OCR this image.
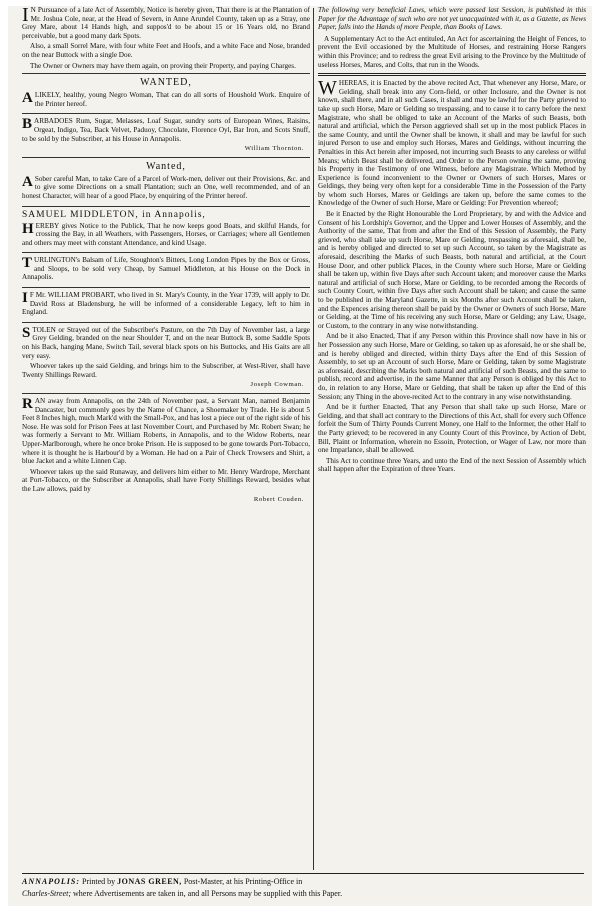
I N Pursuance of a late Act of Assembly, Notice is hereby given, That there is at the Plantation of Mr. Joshua Cole, near, at the Head of Severn, in Anne Arundel County, taken up as a Stray, one Grey Mare, about 14 Hands high, and suppos'd to be about 15 or 16 Years old, no Brand perceivable, but a good many dark Spots.

Also, a small Sorrel Mare, with four white Feet and Hoofs, and a white Face and Nose, branded on the near Buttock with a single Doe.

The Owner or Owners may have them again, on proving their Property, and paying Charges.

WANTED,
A LIKELY, healthy, young Negro Woman, That can do all sorts of Houshold Work. Enquire of the Printer hereof.

B ARBADOES Rum, Sugar, Melasses, Loaf Sugar, sundry sorts of European Wines, Raisins, Orgeat, Indigo, Tea, Back Velvet, Paduoy, Chocolate, Florence Oyl, Bar Iron, and Scots Snuff, to be sold by the Subscriber, at his House in Annapolis.

William Thornton.
Wanted,
A Sober careful Man, to take Care of a Parcel of Work-men, deliver out their Provisions, &c. and to give some Directions on a small Plantation; such an One, well recommended, and of an honest Character, will hear of a good Place, by enquiring of the Printer hereof.

SAMUEL MIDDLETON, in Annapolis,
H EREBY gives Notice to the Publick, That he now keeps good Boats, and skilful Hands, for crossing the Bay, in all Weathers, with Passengers, Horses, or Carriages; where all Gentlemen and others may meet with constant Attendance, and kind Usage.

T URLINGTON's Balsam of Life, Stoughton's Bitters, Long London Pipes by the Box or Gross, and Sloops, to be sold very Cheap, by Samuel Middleton, at his House on the Dock in Annapolis.

I F Mr. WILLIAM PROBART, who lived in St. Mary's County, in the Year 1739, will apply to Dr. David Ross at Bladensburg, he will be informed of a considerable Legacy, left to him in England.

S TOLEN or Strayed out of the Subscriber's Pasture, on the 7th Day of November last, a large Grey Gelding, branded on the near Shoulder T, and on the near Buttock B, some Saddle Spots on his Back, hanging Mane, Switch Tail, several black spots on his Buttocks, and His Gaits are all very easy.

Whoever takes up the said Gelding, and brings him to the Subscriber, at West-River, shall have Twenty Shillings Reward.

Joseph Cowman.
R AN away from Annapolis, on the 24th of November past, a Servant Man, named Benjamin Dancaster, but commonly goes by the Name of Chance, a Shoemaker by Trade. He is about 5 Feet 8 Inches high, much Mark'd with the Small-Pox, and has lost a piece out of the right side of his Nose. He was sold for Prison Fees at last November Court, and Purchased by Mr. Robert Swan; he was formerly a Servant to Mr. William Roberts, in Annapolis, and to the Widow Roberts, near Upper-Marlborough, where he once broke Prison. He is supposed to be gone towards Port-Tobacco, where it is thought he is Harbour'd by a Woman. He had on a Pair of Check Trowsers and Shirt, a blue Jacket and a white Linnen Cap.

Whoever takes up the said Runaway, and delivers him either to Mr. Henry Wardrope, Merchant at Port-Tobacco, or the Subscriber at Annapolis, shall have Forty Shillings Reward, besides what the Law allows, paid by

Robert Couden.

The following very beneficial Laws, which were passed last Session, is published in this Paper for the Advantage of such who are not yet unacquainted with it, as a Gazette, as News Paper, falls into the Hands of more People, than Books of Laws.

A Supplementary Act to the Act entituled, An Act for ascertaining the Height of Fences, to prevent the Evil occasioned by the Multitude of Horses, and restraining Horse Rangers within this Province; and to redress the great Evil arising to the Province by the Multitude of useless Horses, Mares, and Colts, that run in the Woods.

W HEREAS, it is Enacted by the above recited Act, That whenever any Horse, Mare, or Gelding, shall break into any Corn-field, or other Inclosure, and the Owner is not known, shall there, and in all such Cases, it shall and may be lawful for the Party grieved to take up such Horse, Mare or Gelding so trespassing, and to cause it to carry before the next Magistrate, who shall be obliged to take an Account of the Marks of such Beasts, both natural and artificial, which the Person aggrieved shall set up in the most publick Places in the same County, and until the Owner shall be known, it shall and may be lawful for such injured Person to use and employ such Horses, Mares and Geldings, without incurring the Penalties in this Act herein after imposed, not incurring such Beasts to any careless or wilful Means; which Beast shall be delivered, and Order to the Person owning the same, proving his Property in the Testimony of one Witness, before any Magistrate. Which Method by Experience is found inconvenient to the Owner or Owners of such Horses, Mares or Geldings, they being very often kept for a considerable Time in the Possession of the Party by whom such Horses, Mares or Geldings are taken up, before the same comes to the Knowledge of the Owner of such Horse, Mare or Gelding: For Prevention whereof;

Be it Enacted by the Right Honourable the Lord Proprietary, by and with the Advice and Consent of his Lordship's Governor, and the Upper and Lower Houses of Assembly, and the Authority of the same, That from and after the End of this Session of Assembly, the Party grieved, who shall take up such Horse, Mare or Gelding, trespassing as aforesaid, shall be, and is hereby obliged and directed to set up such Account, so taken by the Magistrate as aforesaid, describing the Marks of such Beasts, both natural and artificial, at the Court House Door, and other publick Places, in the County where such Horse, Mare or Gelding shall be taken up, within five Days after such Account taken; and moreover cause the Marks natural and artificial of such Horse, Mare or Gelding, to be recorded among the Records of such County Court, within five Days after such Account shall be taken; and cause the same to be published in the Maryland Gazette, in six Months after such Account shall be taken, and the Expences arising thereon shall be paid by the Owner or Owners of such Horse, Mare or Gelding, at the Time of his receiving any such Horse, Mare or Gelding; any Law, Usage, or Custom, to the contrary in any wise notwithstanding.

And be it also Enacted, That if any Person within this Province shall now have in his or her Possession any such Horse, Mare or Gelding, so taken up as aforesaid, he or she shall be, and is hereby obliged and directed, within thirty Days after the End of this Session of Assembly, to set up an Account of such Horse, Mare or Gelding, taken by some Magistrate as aforesaid, describing the Marks both natural and artificial of such Beasts, and the same to publish, record and advertise, in the same Manner that any Person is obliged by this Act to do, in relation to any Horse, Mare or Gelding, that shall be taken up after the End of this Session; any Thing in the above-recited Act to the contrary in any wise notwithstanding.

And be it further Enacted, That any Person that shall take up such Horse, Mare or Gelding, and that shall act contrary to the Directions of this Act, shall for every such Offence forfeit the Sum of Thirty Pounds Current Money, one Half to the Informer, the other Half to the Party grieved; to be recovered in any County Court of this Province, by Action of Debt, Bill, Plaint or Information, wherein no Essoin, Protection, or Wager of Law, nor more than one Imparlance, shall be allowed.

This Act to continue three Years, and unto the End of the next Session of Assembly which shall happen after the Expiration of three Years.

ANNAPOLIS: Printed by JONAS GREEN, Post-Master, at his Printing-Office in
Charles-Street; where Advertisements are taken in, and all Persons may be supplied with this Paper.
